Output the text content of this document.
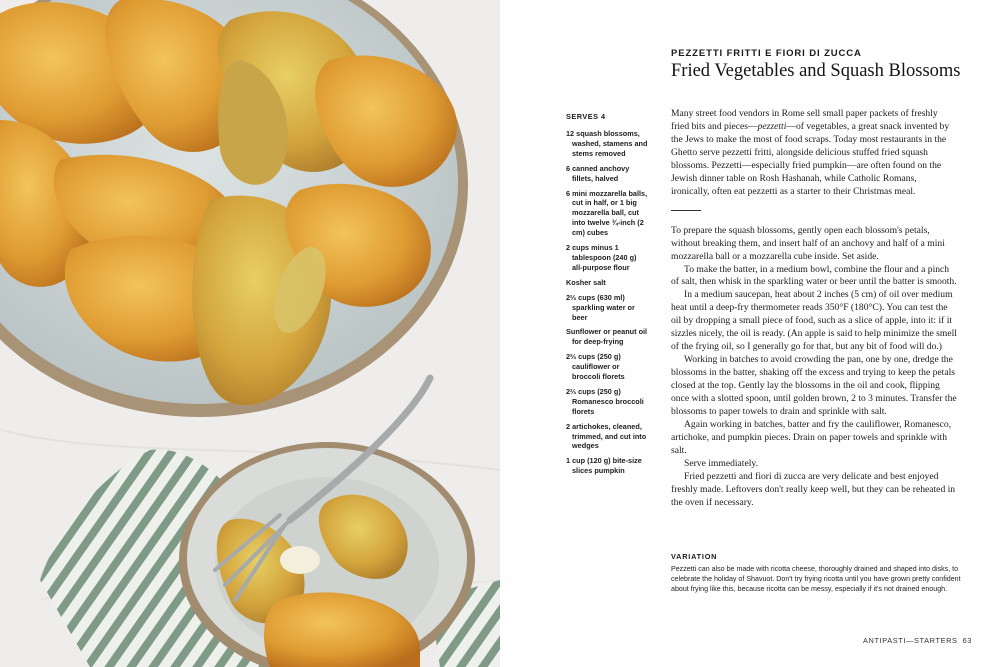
PEZZETTI FRITTI E FIORI DI ZUCCA
Fried Vegetables and Squash Blossoms
SERVES 4
12 squash blossoms, washed, stamens and stems removed
6 canned anchovy fillets, halved
6 mini mozzarella balls, cut in half, or 1 big mozzarella ball, cut into twelve ¾-inch (2 cm) cubes
2 cups minus 1 tablespoon (240 g) all-purpose flour
Kosher salt
2⅔ cups (630 ml) sparkling water or beer
Sunflower or peanut oil for deep-frying
2⅔ cups (250 g) cauliflower or broccoli florets
2⅔ cups (250 g) Romanesco broccoli florets
2 artichokes, cleaned, trimmed, and cut into wedges
1 cup (120 g) bite-size slices pumpkin

Many street food vendors in Rome sell small paper packets of freshly fried bits and pieces—pezzetti—of vegetables, a great snack invented by the Jews to make the most of food scraps. Today most restaurants in the Ghetto serve pezzetti fritti, alongside delicious stuffed fried squash blossoms. Pezzetti—especially fried pumpkin—are often found on the Jewish dinner table on Rosh Hashanah, while Catholic Romans, ironically, often eat pezzetti as a starter to their Christmas meal.

To prepare the squash blossoms, gently open each blossom's petals, without breaking them, and insert half of an anchovy and half of a mini mozzarella ball or a mozzarella cube inside. Set aside.

To make the batter, in a medium bowl, combine the flour and a pinch of salt, then whisk in the sparkling water or beer until the batter is smooth.

In a medium saucepan, heat about 2 inches (5 cm) of oil over medium heat until a deep-fry thermometer reads 350°F (180°C). You can test the oil by dropping a small piece of food, such as a slice of apple, into it: if it sizzles nicely, the oil is ready. (An apple is said to help minimize the smell of the frying oil, so I generally go for that, but any bit of food will do.)

Working in batches to avoid crowding the pan, one by one, dredge the blossoms in the batter, shaking off the excess and trying to keep the petals closed at the top. Gently lay the blossoms in the oil and cook, flipping once with a slotted spoon, until golden brown, 2 to 3 minutes. Transfer the blossoms to paper towels to drain and sprinkle with salt.

Again working in batches, batter and fry the cauliflower, Romanesco, artichoke, and pumpkin pieces. Drain on paper towels and sprinkle with salt.

Serve immediately.

Fried pezzetti and fiori di zucca are very delicate and best enjoyed freshly made. Leftovers don't really keep well, but they can be reheated in the oven if necessary.

VARIATION
Pezzetti can also be made with ricotta cheese, thoroughly drained and shaped into disks, to celebrate the holiday of Shavuot. Don't try frying ricotta until you have grown pretty confident about frying like this, because ricotta can be messy, especially if it's not drained enough.
ANTIPASTI—STARTERS 63
